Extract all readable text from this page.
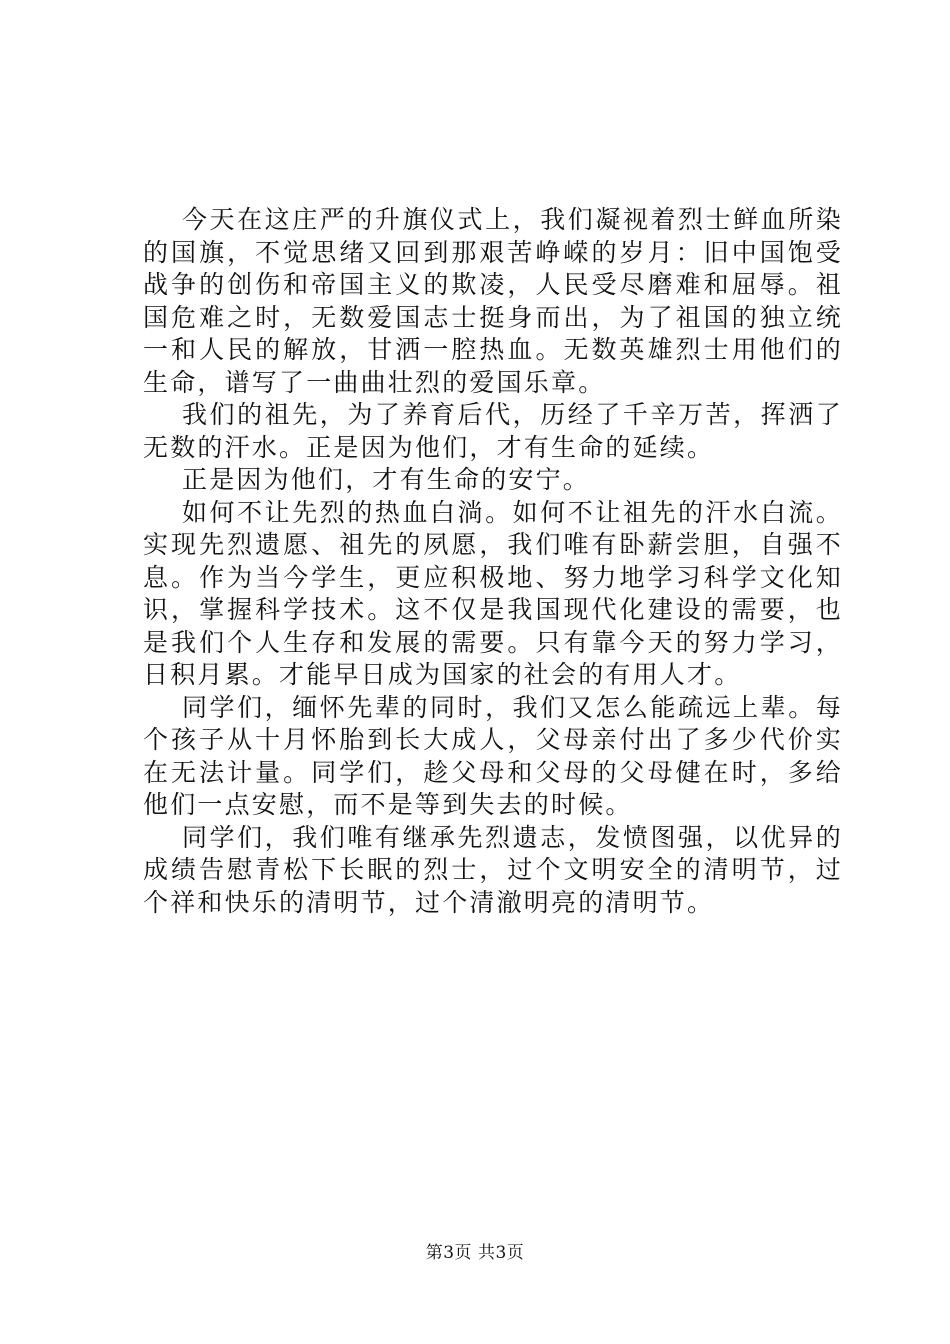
今天在这庄严的升旗仪式上，我们凝视着烈士鲜血所染的国旗，不觉思绪又回到那艰苦峥嵘的岁月：旧中国饱受战争的创伤和帝国主义的欺凌，人民受尽磨难和屈辱。祖国危难之时，无数爱国志士挺身而出，为了祖国的独立统一和人民的解放，甘洒一腔热血。无数英雄烈士用他们的生命，谱写了一曲曲壮烈的爱国乐章。

我们的祖先，为了养育后代，历经了千辛万苦，挥洒了无数的汗水。正是因为他们，才有生命的延续。

正是因为他们，才有生命的安宁。

如何不让先烈的热血白淌。如何不让祖先的汗水白流。实现先烈遗愿、祖先的夙愿，我们唯有卧薪尝胆，自强不息。作为当今学生，更应积极地、努力地学习科学文化知识，掌握科学技术。这不仅是我国现代化建设的需要，也是我们个人生存和发展的需要。只有靠今天的努力学习，日积月累。才能早日成为国家的社会的有用人才。

同学们，缅怀先辈的同时，我们又怎么能疏远上辈。每个孩子从十月怀胎到长大成人，父母亲付出了多少代价实在无法计量。同学们，趁父母和父母的父母健在时，多给他们一点安慰，而不是等到失去的时候。

同学们，我们唯有继承先烈遗志，发愤图强，以优异的成绩告慰青松下长眠的烈士，过个文明安全的清明节，过个祥和快乐的清明节，过个清澈明亮的清明节。

第3页 共3页
